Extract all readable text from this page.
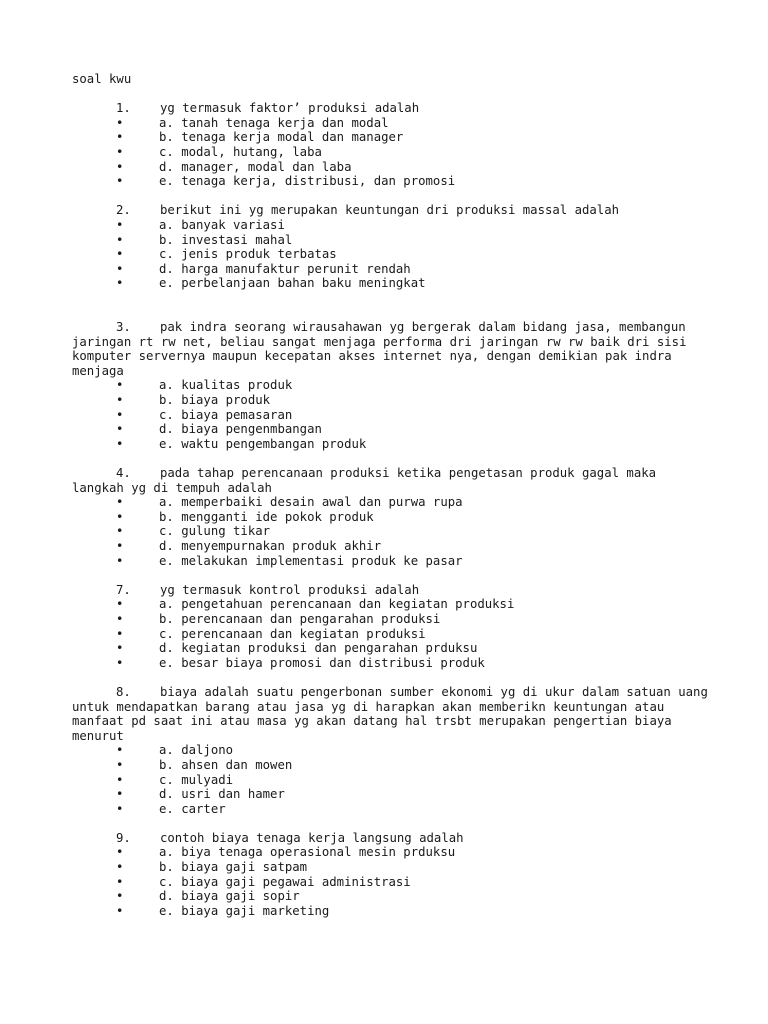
soal kwu
1. yg termasuk faktor’ produksi adalah
•	a. tanah tenaga kerja dan modal
•	b. tenaga kerja modal dan manager
•	c. modal, hutang, laba
•	d. manager, modal dan laba
•	e. tenaga kerja, distribusi, dan promosi
2. berikut ini yg merupakan keuntungan dri produksi massal adalah
•	a. banyak variasi
•	b. investasi mahal
•	c. jenis produk terbatas
•	d. harga manufaktur perunit rendah
•	e. perbelanjaan bahan baku meningkat
3. pak indra seorang wirausahawan yg bergerak dalam bidang jasa, membangun jaringan rt rw net, beliau sangat menjaga performa dri jaringan rw rw baik dri sisi komputer servernya maupun kecepatan akses internet nya, dengan demikian pak indra menjaga
•	a. kualitas produk
•	b. biaya produk
•	c. biaya pemasaran
•	d. biaya pengenmbangan
•	e. waktu pengembangan produk
4. pada tahap perencanaan produksi ketika pengetasan produk gagal maka langkah yg di tempuh adalah
•	a. memperbaiki desain awal dan purwa rupa
•	b. mengganti ide pokok produk
•	c. gulung tikar
•	d. menyempurnakan produk akhir
•	e. melakukan implementasi produk ke pasar
7. yg termasuk kontrol produksi adalah
•	a. pengetahuan perencanaan dan kegiatan produksi
•	b. perencanaan dan pengarahan produksi
•	c. perencanaan dan kegiatan produksi
•	d. kegiatan produksi dan pengarahan prduksu
•	e. besar biaya promosi dan distribusi produk
8. biaya adalah suatu pengerbonan sumber ekonomi yg di ukur dalam satuan uang untuk mendapatkan barang atau jasa yg di harapkan akan memberikn keuntungan atau manfaat pd saat ini atau masa yg akan datang hal trsbt merupakan pengertian biaya menurut
•	a. daljono
•	b. ahsen dan mowen
•	c. mulyadi
•	d. usri dan hamer
•	e. carter
9. contoh biaya tenaga kerja langsung adalah
•	a. biya tenaga operasional mesin prduksu
•	b. biaya gaji satpam
•	c. biaya gaji pegawai administrasi
•	d. biaya gaji sopir
•	e. biaya gaji marketing
